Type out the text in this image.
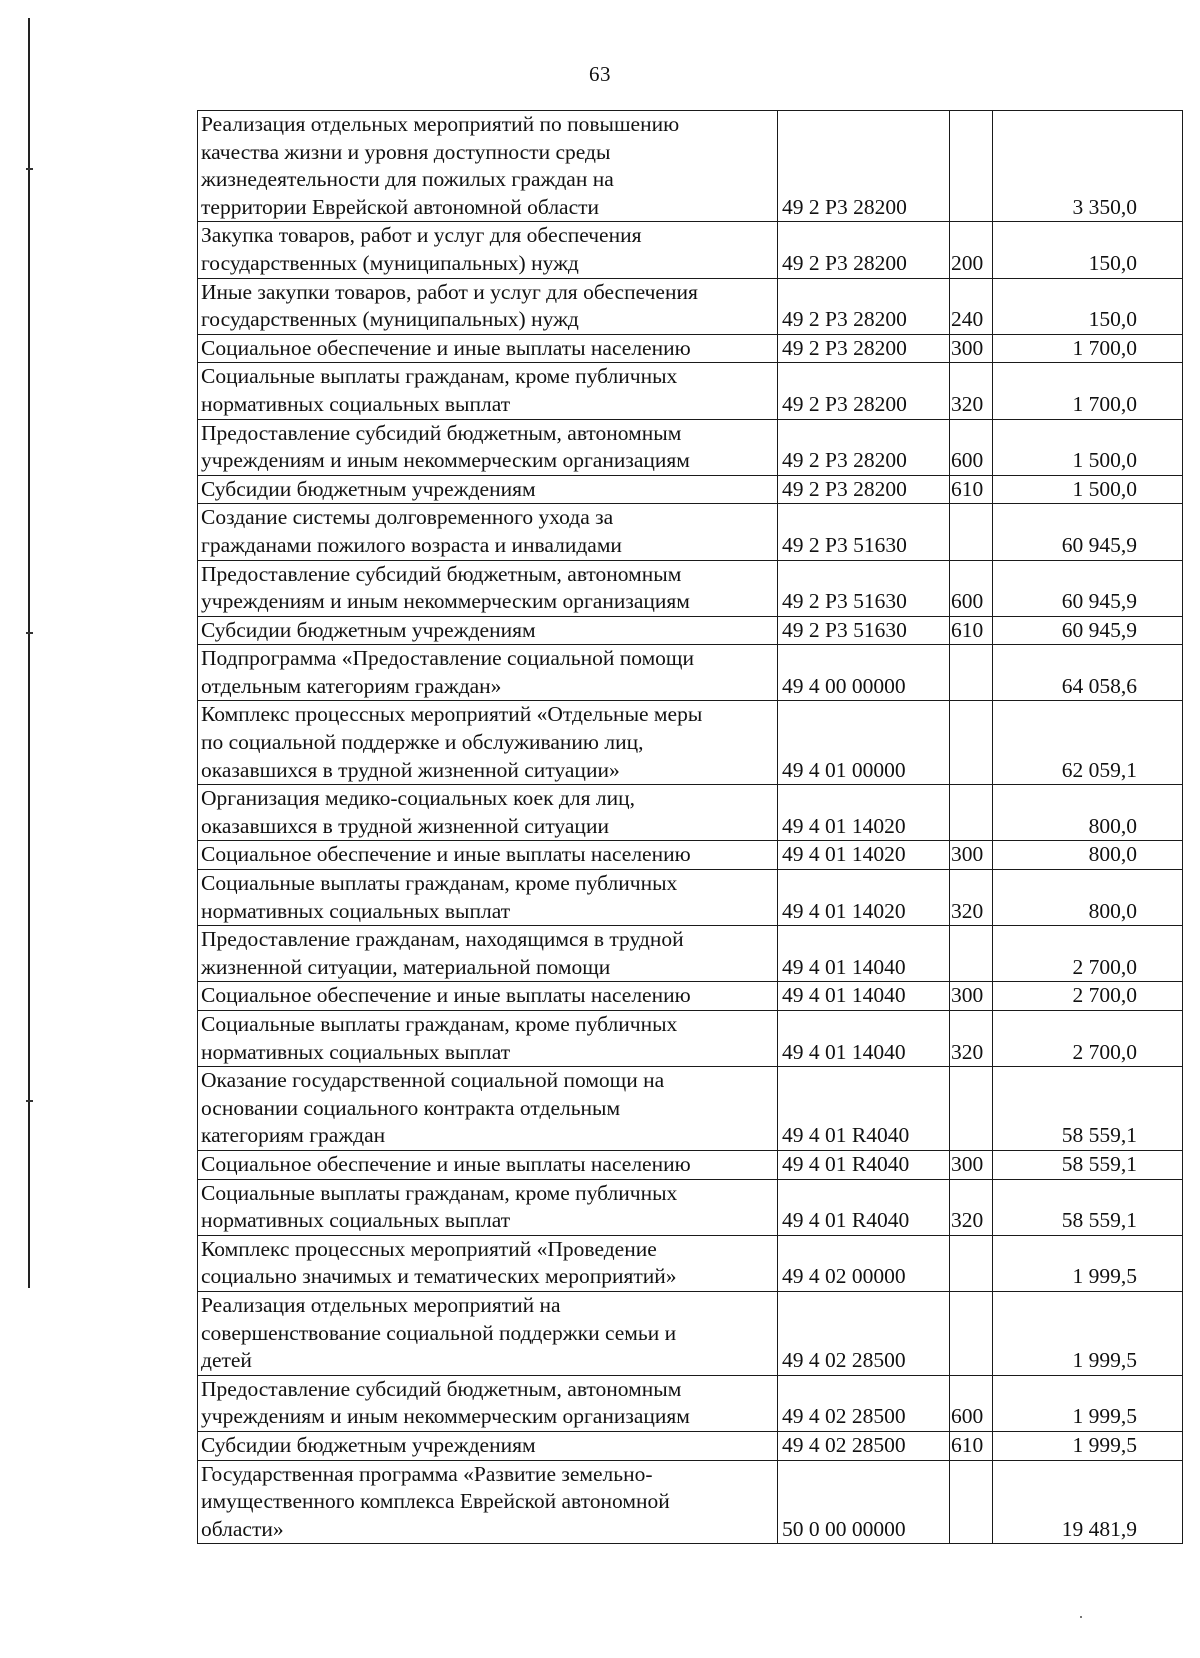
63
Реализация отдельных мероприятий по повышению
качества жизни и уровня доступности среды
жизнедеятельности для пожилых граждан на
территории Еврейской автономной области	49 2 Р3 28200		3 350,0

Закупка товаров, работ и услуг для обеспечения
государственных (муниципальных) нужд	49 2 Р3 28200	200	150,0

Иные закупки товаров, работ и услуг для обеспечения
государственных (муниципальных) нужд	49 2 Р3 28200	240	150,0

Социальное обеспечение и иные выплаты населению	49 2 Р3 28200	300	1 700,0

Социальные выплаты гражданам, кроме публичных
нормативных социальных выплат	49 2 Р3 28200	320	1 700,0

Предоставление субсидий бюджетным, автономным
учреждениям и иным некоммерческим организациям	49 2 Р3 28200	600	1 500,0

Субсидии бюджетным учреждениям	49 2 Р3 28200	610	1 500,0

Создание системы долговременного ухода за
гражданами пожилого возраста и инвалидами	49 2 Р3 51630		60 945,9

Предоставление субсидий бюджетным, автономным
учреждениям и иным некоммерческим организациям	49 2 Р3 51630	600	60 945,9

Субсидии бюджетным учреждениям	49 2 Р3 51630	610	60 945,9

Подпрограмма «Предоставление социальной помощи
отдельным категориям граждан»	49 4 00 00000		64 058,6

Комплекс процессных мероприятий «Отдельные меры
по социальной поддержке и обслуживанию лиц,
оказавшихся в трудной жизненной ситуации»	49 4 01 00000		62 059,1

Организация медико-социальных коек для лиц,
оказавшихся в трудной жизненной ситуации	49 4 01 14020		800,0

Социальное обеспечение и иные выплаты населению	49 4 01 14020	300	800,0

Социальные выплаты гражданам, кроме публичных
нормативных социальных выплат	49 4 01 14020	320	800,0

Предоставление гражданам, находящимся в трудной
жизненной ситуации, материальной помощи	49 4 01 14040		2 700,0

Социальное обеспечение и иные выплаты населению	49 4 01 14040	300	2 700,0

Социальные выплаты гражданам, кроме публичных
нормативных социальных выплат	49 4 01 14040	320	2 700,0

Оказание государственной социальной помощи на
основании социального контракта отдельным
категориям граждан	49 4 01 R4040		58 559,1

Социальное обеспечение и иные выплаты населению	49 4 01 R4040	300	58 559,1

Социальные выплаты гражданам, кроме публичных
нормативных социальных выплат	49 4 01 R4040	320	58 559,1

Комплекс процессных мероприятий «Проведение
социально значимых и тематических мероприятий»	49 4 02 00000		1 999,5

Реализация отдельных мероприятий на
совершенствование социальной поддержки семьи и
детей	49 4 02 28500		1 999,5

Предоставление субсидий бюджетным, автономным
учреждениям и иным некоммерческим организациям	49 4 02 28500	600	1 999,5

Субсидии бюджетным учреждениям	49 4 02 28500	610	1 999,5

Государственная программа «Развитие земельно-
имущественного комплекса Еврейской автономной
области»	50 0 00 00000		19 481,9
